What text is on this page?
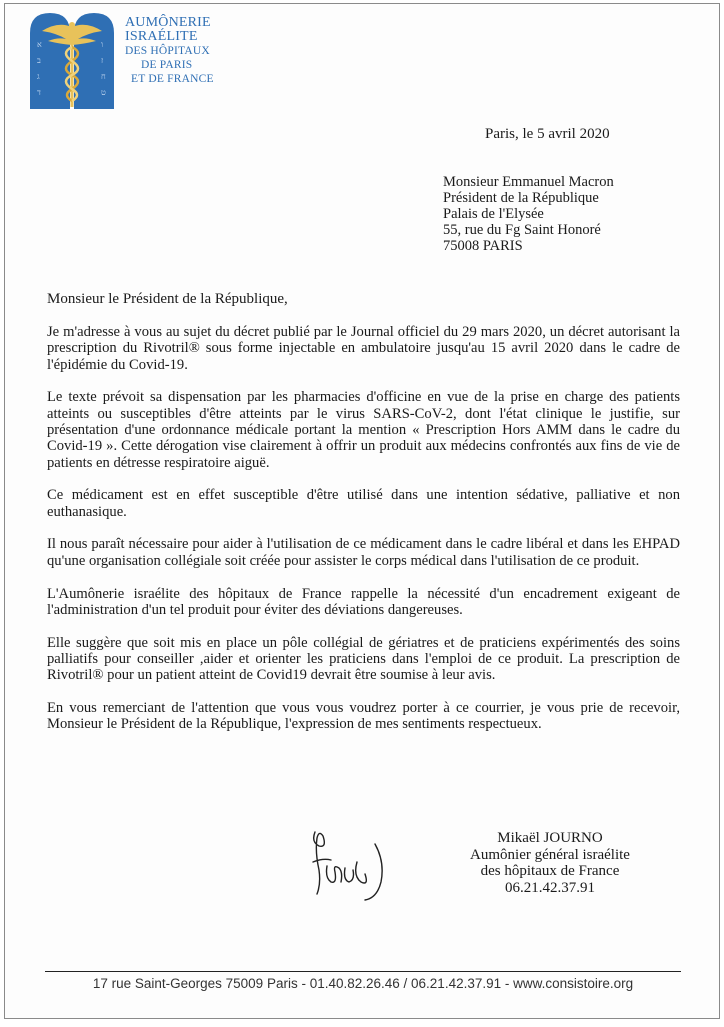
א
ב
ג
ד
ו
ז
ח
ט
AUMÔNERIE
ISRAÉLITE
DES HÔPITAUX
DE PARIS
ET DE FRANCE
Paris, le 5 avril 2020
Monsieur Emmanuel Macron
Président de la République
Palais de l'Elysée
55, rue du Fg Saint Honoré
75008 PARIS
Monsieur le Président de la République,

Je m'adresse à vous au sujet du décret publié par le Journal officiel du 29 mars 2020, un décret autorisant la prescription du Rivotril® sous forme injectable en ambulatoire jusqu'au 15 avril 2020 dans le cadre de l'épidémie du Covid-19.

Le texte prévoit sa dispensation par les pharmacies d'officine en vue de la prise en charge des patients atteints ou susceptibles d'être atteints par le virus SARS-CoV-2, dont l'état clinique le justifie, sur présentation d'une ordonnance médicale portant la mention « Prescription Hors AMM dans le cadre du Covid-19 ». Cette dérogation vise clairement à offrir un produit aux médecins confrontés aux fins de vie de patients en détresse respiratoire aiguë.

Ce médicament est en effet susceptible d'être utilisé dans une intention sédative, palliative et non euthanasique.

Il nous paraît nécessaire pour aider à l'utilisation de ce médicament dans le cadre libéral et dans les EHPAD qu'une organisation collégiale soit créée pour assister le corps médical dans l'utilisation de ce produit.

L'Aumônerie israélite des hôpitaux de France rappelle la nécessité d'un encadrement exigeant de l'administration d'un tel produit pour éviter des déviations dangereuses.

Elle suggère que soit mis en place un pôle collégial de gériatres et de praticiens expérimentés des soins palliatifs pour conseiller ,aider et orienter les praticiens dans l'emploi de ce produit. La prescription de Rivotril® pour un patient atteint de Covid19 devrait être soumise à leur avis.

En vous remerciant de l'attention que vous vous voudrez porter à ce courrier, je vous prie de recevoir, Monsieur le Président de la République, l'expression de mes sentiments respectueux.

Mikaël JOURNO
Aumônier général israélite
des hôpitaux de France
06.21.42.37.91
17 rue Saint-Georges 75009 Paris - 01.40.82.26.46 / 06.21.42.37.91 - www.consistoire.org
